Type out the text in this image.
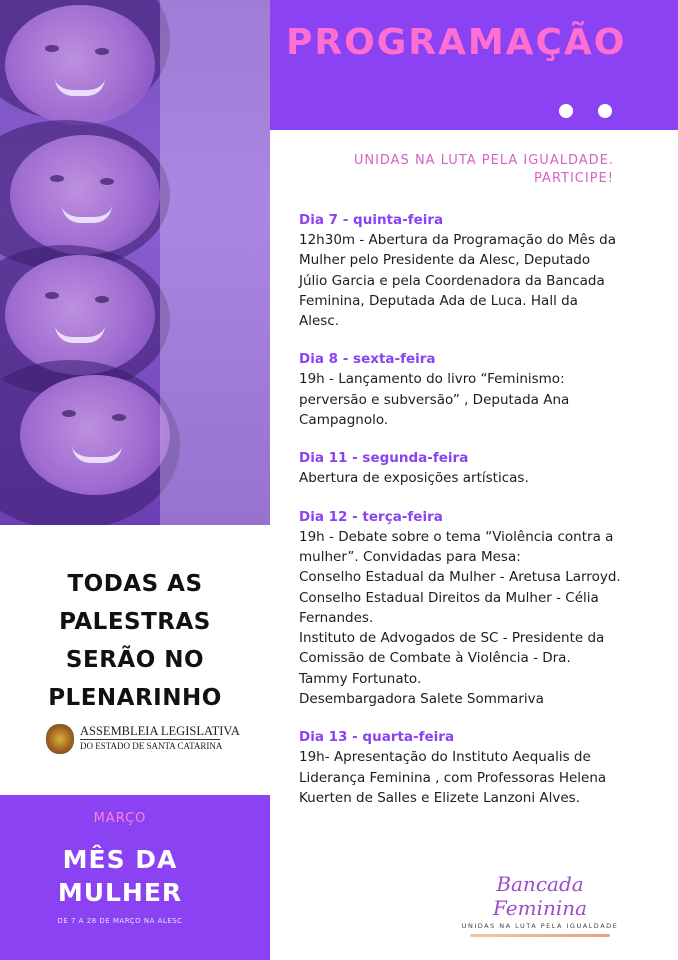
PROGRAMAÇÃO
UNIDAS NA LUTA PELA IGUALDADE.
PARTICIPE!
Dia 7 - quinta-feira
12h30m - Abertura da Programação do Mês da
Mulher pelo Presidente da Alesc, Deputado
Júlio Garcia e pela Coordenadora da Bancada
Feminina, Deputada Ada de Luca. Hall da
Alesc.
Dia 8 - sexta-feira
19h - Lançamento do livro “Feminismo:
perversão e subversão” , Deputada Ana
Campagnolo.
Dia 11 - segunda-feira
Abertura de exposições artísticas.
Dia 12 - terça-feira
19h - Debate sobre o tema “Violência contra a
mulher”. Convidadas para Mesa:
Conselho Estadual da Mulher - Aretusa Larroyd.
Conselho Estadual Direitos da Mulher - Célia
Fernandes.
Instituto de Advogados de SC - Presidente da
Comissão de Combate à Violência - Dra.
Tammy Fortunato.
Desembargadora Salete Sommariva
Dia 13 - quarta-feira
19h- Apresentação do Instituto Aequalis de
Liderança Feminina , com Professoras Helena
Kuerten de Salles e Elizete Lanzoni Alves.
TODAS AS
PALESTRAS
SERÃO NO
PLENARINHO
ASSEMBLEIA LEGISLATIVA
DO ESTADO DE SANTA CATARINA
MARÇO
MÊS DA
MULHER
DE 7 A 28 DE MARÇO NA ALESC
Bancada Feminina
UNIDAS NA LUTA PELA IGUALDADE
